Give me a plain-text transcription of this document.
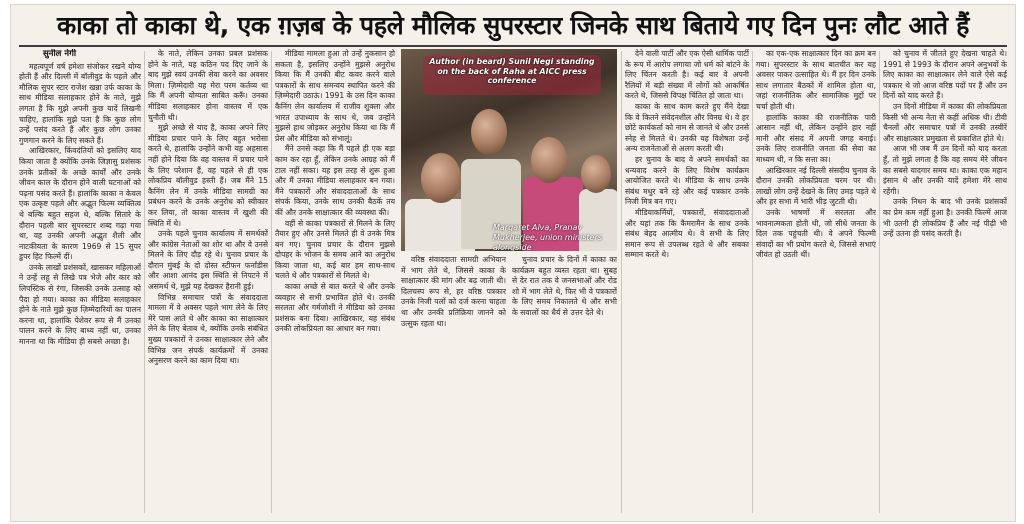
काका तो काका थे, एक ग़ज़ब के पहले मौलिक सुपरस्टार जिनके साथ बिताये गए दिन पुनः लौट आते हैं
सुनील नेगी

महत्वपूर्ण वर्ष हमेशा संजोकर रखने योग्य होती हैं और दिल्ली में बॉलीवुड के पहले और मौलिक सुपर स्टार राजेश खन्ना उर्फ काका के साथ मीडिया सलाहकार होने के नाते, मुझे लगता है कि मुझे अपनी कुछ यादें लिखनी चाहिए, हालांकि मुझे पता है कि कुछ लोग उन्हें पसंद करते हैं और कुछ लोग उनका गुणगान करने के लिए सकते हैं।

आखिरकार, किंवदंतियों को इसलिए याद किया जाता है क्योंकि उनके जिज्ञासु प्रशंसक उनके प्रतीकों के अच्छे कार्यों और उनके जीवन काल के दौरान होने वाली घटनाओं को पढ़ना पसंद करते हैं। हालांकि काका न केवल एक उत्कृष्ट पहले और अद्भुत फिल्म व्यक्तित्व थे बल्कि बहुत सहज थे, बल्कि सितारे के दौरान पहली बार सुपरस्टार शब्द गढ़ा गया था, वह उनकी अपनी अद्भुत शैली और नाटकीयता के कारण 1969 से 15 सुपर डुपर हिट फिल्में दीं।

उनके लाखों प्रशंसकों, खासकर महिलाओं ने उन्हें लहू से लिखे पत्र भेजे और कार को लिपस्टिक से रंगा, जिसकी उनके उत्साह को पैदा हो गया। काका का मीडिया सलाहकार होने के नाते मुझे कुछ ज़िम्मेदारियों का पालन करना था, हालांकि पेशेवर रूप से मैं उनका पालन करने के लिए बाध्य नहीं था, उनका मानना था कि मीडिया ही सबसे अच्छा है।

के नाते, लेकिन उनका प्रबल प्रशंसक होने के नाते, यह कठिन पद दिए जाने के बाद मुझे स्वयं उनकी सेवा करने का अवसर मिला। ज़िम्मेदारी यह मेरा परम कर्तव्य था कि मैं अपनी योग्यता साबित करूँ। उनका मीडिया सलाहकार होना वास्तव में एक चुनौती थी।

मुझे अच्छे से याद है, काका अपने लिए मीडिया प्रचार पाने के लिए बहुत भरोसा करते थे, हालांकि उन्होंने कभी यह अहसास नहीं होने दिया कि वह वास्तव में प्रचार पाने के लिए परेशान हैं, वह पहले से ही एक लोकप्रिय बॉलीवुड हस्ती हैं। जब मैंने 15 कैनिंग लेन में उनके मीडिया सामग्री का प्रबंधन करने के उनके अनुरोध को स्वीकार कर लिया, तो काका वास्तव में खुशी की स्थिति में थे।

उनके पहले चुनाव कार्यालय में समर्थकों और कांग्रेस नेताओं का शोर था और वे उनसे मिलने के लिए दौड़ रहे थे। चुनाव प्रचार के दौरान मुंबई के दो दोस्त स्टीफन फर्नांडीस और आशा आनंद इस स्थिति से निपटने में असमर्थ थे, मुझे यह देखकर हैरानी हुई।

विभिन्न समाचार पत्रों के संवाददाता मामला में वे अक्सर पहले भाग लेने के लिए मेरे पास आते थे और काका का साक्षात्कार लेने के लिए बेताब थे, क्योंकि उनके संबंधित मुख्य पत्रकारों ने उनका साक्षात्कार लेने और विभिन्न जन संपर्क कार्यक्रमों में उनका अनुसरण करने का काम दिया था।

मीडिया मामला हुआ तो उन्हें नुकसान हो सकता है, इसलिए उन्होंने मुझसे अनुरोध किया कि मैं उनकी बीट कवर करने वाले पत्रकारों के साथ समन्वय स्थापित करने की ज़िम्मेदारी उठाऊं। 1991 के उस दिन काका कैनिंग लेन कार्यालय में राजीव शुक्ला और भारत उपाध्याय के साथ थे, जब उन्होंने मुझसे हाथ जोड़कर अनुरोध किया था कि मैं प्रेस और मीडिया को संभालूं।

मैंने उनसे कहा कि मैं पहले ही एक बड़ा काम कर रहा हूँ, लेकिन उनके आग्रह को मैं टाल नहीं सका। यह इस तरह से शुरू हुआ और मैं उनका मीडिया सलाहकार बन गया। मैंने पत्रकारों और संवाददाताओं के साथ संपर्क किया, उनके साथ उनकी बैठकें तय कीं और उनके साक्षात्कार की व्यवस्था की।

वहीं से काका पत्रकारों से मिलने के लिए तैयार हुए और उनसे मिलते ही वे उनके मित्र बन गए। चुनाव प्रचार के दौरान मुझसे दोपहर के भोजन के समय आने का अनुरोध किया जाता था, कई बार हम साथ-साथ चलते थे और पत्रकारों से मिलते थे।

काका अच्छे से बात करते थे और उनके व्यवहार से सभी प्रभावित होते थे। उनकी सरलता और गर्मजोशी ने मीडिया को उनका प्रशंसक बना दिया। आखिरकार, यह संबंध उनकी लोकप्रियता का आधार बन गया।

Author (in beard) Sunil Negi standing on the back of Raha at AICC press conference
Margaret Alva, Pranav Mukherjee, union ministers alongside

वरिष्ठ संवाददाता सामग्री अभियान में भाग लेते थे, जिससे काका के साक्षात्कार की मांग और बढ़ जाती थी। दिलचस्प रूप से, हर वरिष्ठ पत्रकार उनके निजी पलों को दर्ज करना चाहता था और उनकी प्रतिक्रिया जानने को उत्सुक रहता था।

चुनाव प्रचार के दिनों में काका का कार्यक्रम बहुत व्यस्त रहता था। सुबह से देर रात तक वे जनसभाओं और रोड शो में भाग लेते थे, फिर भी वे पत्रकारों के लिए समय निकालते थे और सभी के सवालों का धैर्य से उत्तर देते थे।

देने वाली पार्टी और एक ऐसी धार्मिक पार्टी के रूप में आरोप लगाया जो धर्म को बांटने के लिए चिंतन करती है। कई बार वे अपनी रैलियों में बड़ी संख्या में लोगों को आकर्षित करते थे, जिससे विपक्ष चिंतित हो जाता था।

काका के साथ काम करते हुए मैंने देखा कि वे कितने संवेदनशील और विनम्र थे। वे हर छोटे कार्यकर्ता को नाम से जानते थे और उनसे स्नेह से मिलते थे। उनकी यह विशेषता उन्हें अन्य राजनेताओं से अलग करती थी।

हर चुनाव के बाद वे अपने समर्थकों का धन्यवाद करने के लिए विशेष कार्यक्रम आयोजित करते थे। मीडिया के साथ उनके संबंध मधुर बने रहे और कई पत्रकार उनके निजी मित्र बन गए।

मीडियाकर्मियों, पत्रकारों, संवाददाताओं और यहां तक कि कैमरामैन के साथ उनके संबंध बेहद आत्मीय थे। वे सभी के लिए समान रूप से उपलब्ध रहते थे और सबका सम्मान करते थे।

का एक-एक साक्षात्कार दिन का क्रम बन गया। सुपरस्टार के साथ बातचीत कर यह अवसर पाकर उत्साहित थे। मैं हर दिन उनके साथ लगातार बैठकों में शामिल होता था, जहां राजनीतिक और सामाजिक मुद्दों पर चर्चा होती थी।

हालांकि काका की राजनीतिक पारी आसान नहीं थी, लेकिन उन्होंने हार नहीं मानी और संसद में अपनी जगह बनाई। उनके लिए राजनीति जनता की सेवा का माध्यम थी, न कि सत्ता का।

आखिरकार नई दिल्ली संसदीय चुनाव के दौरान उनकी लोकप्रियता चरम पर थी। लाखों लोग उन्हें देखने के लिए उमड़ पड़ते थे और हर सभा में भारी भीड़ जुटती थी।

उनके भाषणों में सरलता और भावनात्मकता होती थी, जो सीधे जनता के दिल तक पहुंचती थी। वे अपने फिल्मी संवादों का भी प्रयोग करते थे, जिससे सभाएं जीवंत हो उठती थीं।

को चुनाव में जीतते हुए देखना चाहते थे। 1991 से 1993 के दौरान अपने अनुभवों के लिए काका का साक्षात्कार लेने वाले ऐसे कई पत्रकार थे जो आज वरिष्ठ पदों पर हैं और उन दिनों को याद करते हैं।

उन दिनों मीडिया में काका की लोकप्रियता किसी भी अन्य नेता से कहीं अधिक थी। टीवी चैनलों और समाचार पत्रों में उनकी तस्वीरें और साक्षात्कार प्रमुखता से प्रकाशित होते थे।

आज भी जब मैं उन दिनों को याद करता हूँ, तो मुझे लगता है कि वह समय मेरे जीवन का सबसे यादगार समय था। काका एक महान इंसान थे और उनकी यादें हमेशा मेरे साथ रहेंगी।

उनके निधन के बाद भी उनके प्रशंसकों का प्रेम कम नहीं हुआ है। उनकी फिल्में आज भी उतनी ही लोकप्रिय हैं और नई पीढ़ी भी उन्हें उतना ही पसंद करती है।
